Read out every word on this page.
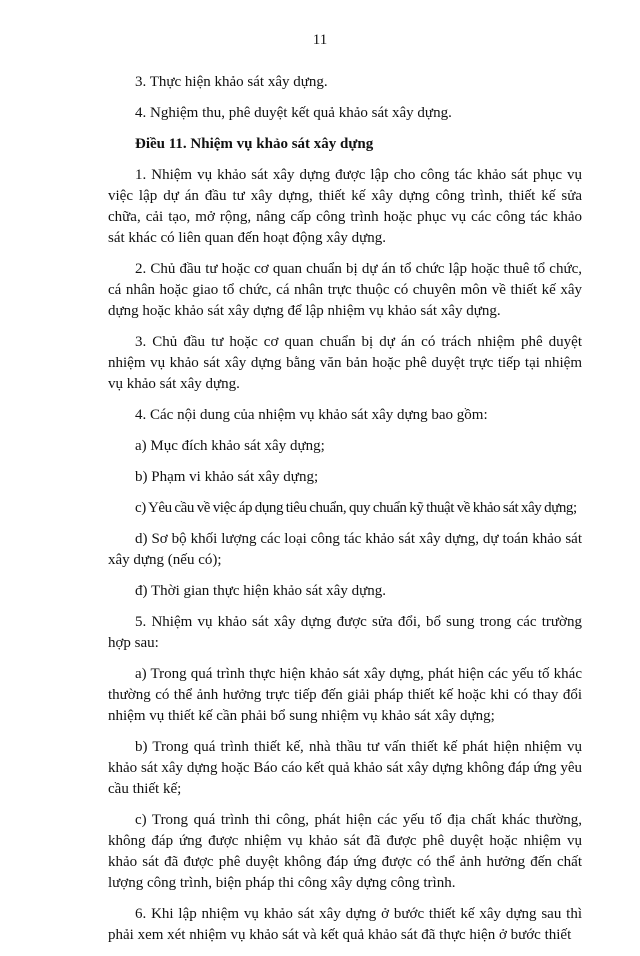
11

3. Thực hiện khảo sát xây dựng.

4. Nghiệm thu, phê duyệt kết quả khảo sát xây dựng.

Điều 11. Nhiệm vụ khảo sát xây dựng

1. Nhiệm vụ khảo sát xây dựng được lập cho công tác khảo sát phục vụ việc lập dự án đầu tư xây dựng, thiết kế xây dựng công trình, thiết kế sửa chữa, cải tạo, mở rộng, nâng cấp công trình hoặc phục vụ các công tác khảo sát khác có liên quan đến hoạt động xây dựng.

2. Chủ đầu tư hoặc cơ quan chuẩn bị dự án tổ chức lập hoặc thuê tổ chức, cá nhân hoặc giao tổ chức, cá nhân trực thuộc có chuyên môn về thiết kế xây dựng hoặc khảo sát xây dựng để lập nhiệm vụ khảo sát xây dựng.

3. Chủ đầu tư hoặc cơ quan chuẩn bị dự án có trách nhiệm phê duyệt nhiệm vụ khảo sát xây dựng bằng văn bản hoặc phê duyệt trực tiếp tại nhiệm vụ khảo sát xây dựng.

4. Các nội dung của nhiệm vụ khảo sát xây dựng bao gồm:

a) Mục đích khảo sát xây dựng;

b) Phạm vi khảo sát xây dựng;

c) Yêu cầu về việc áp dụng tiêu chuẩn, quy chuẩn kỹ thuật về khảo sát xây dựng;

d) Sơ bộ khối lượng các loại công tác khảo sát xây dựng, dự toán khảo sát xây dựng (nếu có);

đ) Thời gian thực hiện khảo sát xây dựng.

5. Nhiệm vụ khảo sát xây dựng được sửa đổi, bổ sung trong các trường hợp sau:

a) Trong quá trình thực hiện khảo sát xây dựng, phát hiện các yếu tố khác thường có thể ảnh hưởng trực tiếp đến giải pháp thiết kế hoặc khi có thay đổi nhiệm vụ thiết kế cần phải bổ sung nhiệm vụ khảo sát xây dựng;

b) Trong quá trình thiết kế, nhà thầu tư vấn thiết kế phát hiện nhiệm vụ khảo sát xây dựng hoặc Báo cáo kết quả khảo sát xây dựng không đáp ứng yêu cầu thiết kế;

c) Trong quá trình thi công, phát hiện các yếu tố địa chất khác thường, không đáp ứng được nhiệm vụ khảo sát đã được phê duyệt hoặc nhiệm vụ khảo sát đã được phê duyệt không đáp ứng được có thể ảnh hưởng đến chất lượng công trình, biện pháp thi công xây dựng công trình.

6. Khi lập nhiệm vụ khảo sát xây dựng ở bước thiết kế xây dựng sau thì phải xem xét nhiệm vụ khảo sát và kết quả khảo sát đã thực hiện ở bước thiết
